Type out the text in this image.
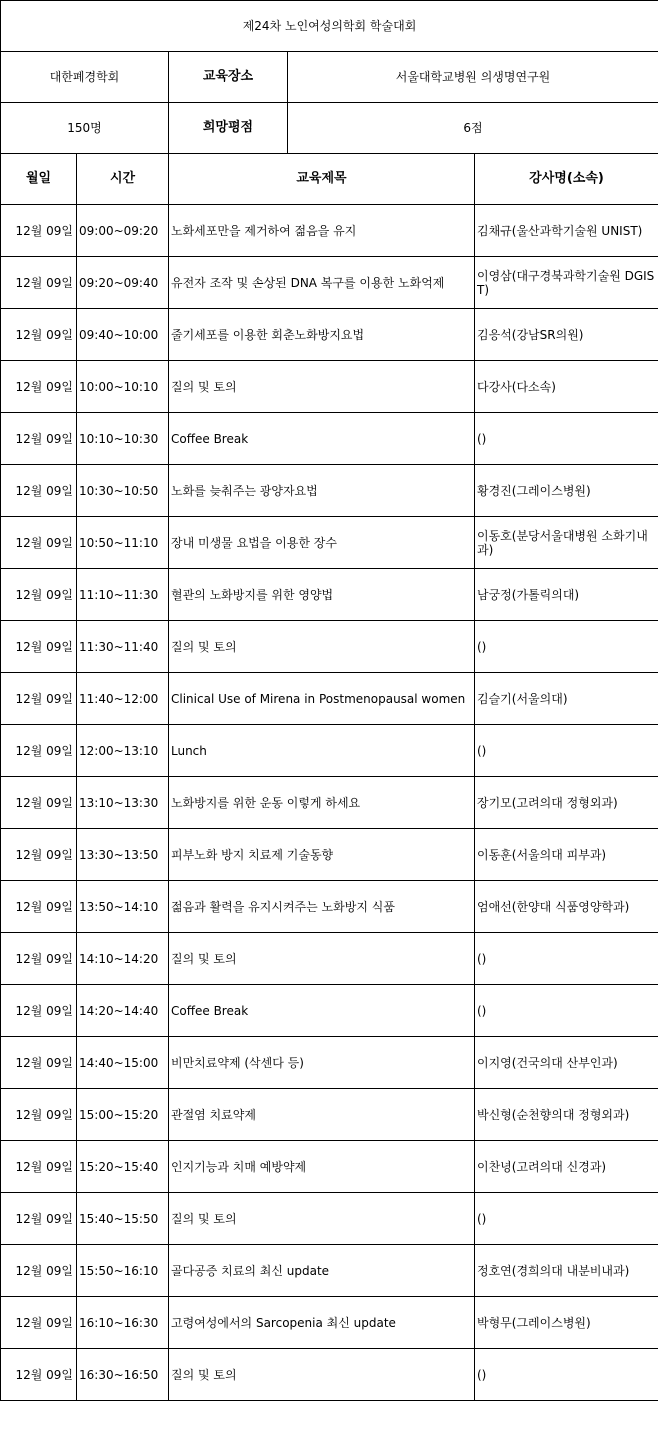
제24차 노인여성의학회 학술대회				
대한폐경학회		교육장소	서울대학교병원 의생명연구원	
150명		희망평점	6점	
월일	시간	교육제목		강사명(소속)
12월 09일	09:00~09:20	노화세포만을 제거하여 젊음을 유지		김채규(울산과학기술원 UNIST)
12월 09일	09:20~09:40	유전자 조작 및 손상된 DNA 복구를 이용한 노화억제		이영삼(대구경북과학기술원 DGIST)
12월 09일	09:40~10:00	줄기세포를 이용한 회춘노화방지요법		김응석(강남SR의원)
12월 09일	10:00~10:10	질의 및 토의		다강사(다소속)
12월 09일	10:10~10:30	Coffee Break		()
12월 09일	10:30~10:50	노화를 늦춰주는 광양자요법		황경진(그레이스병원)
12월 09일	10:50~11:10	장내 미생물 요법을 이용한 장수		이동호(분당서울대병원 소화기내과)
12월 09일	11:10~11:30	혈관의 노화방지를 위한 영양법		남궁정(가톨릭의대)
12월 09일	11:30~11:40	질의 및 토의		()
12월 09일	11:40~12:00	Clinical Use of Mirena in Postmenopausal women		김슬기(서울의대)
12월 09일	12:00~13:10	Lunch		()
12월 09일	13:10~13:30	노화방지를 위한 운동 이렇게 하세요		장기모(고려의대 정형외과)
12월 09일	13:30~13:50	피부노화 방지 치료제 기술동향		이동훈(서울의대 피부과)
12월 09일	13:50~14:10	젊음과 활력을 유지시켜주는 노화방지 식품		엄애선(한양대 식품영양학과)
12월 09일	14:10~14:20	질의 및 토의		()
12월 09일	14:20~14:40	Coffee Break		()
12월 09일	14:40~15:00	비만치료약제 (삭센다 등)		이지영(건국의대 산부인과)
12월 09일	15:00~15:20	관절염 치료약제		박신형(순천향의대 정형외과)
12월 09일	15:20~15:40	인지기능과 치매 예방약제		이찬녕(고려의대 신경과)
12월 09일	15:40~15:50	질의 및 토의		()
12월 09일	15:50~16:10	골다공증 치료의 최신 update		정호연(경희의대 내분비내과)
12월 09일	16:10~16:30	고령여성에서의 Sarcopenia 최신 update		박형무(그레이스병원)
12월 09일	16:30~16:50	질의 및 토의		()
